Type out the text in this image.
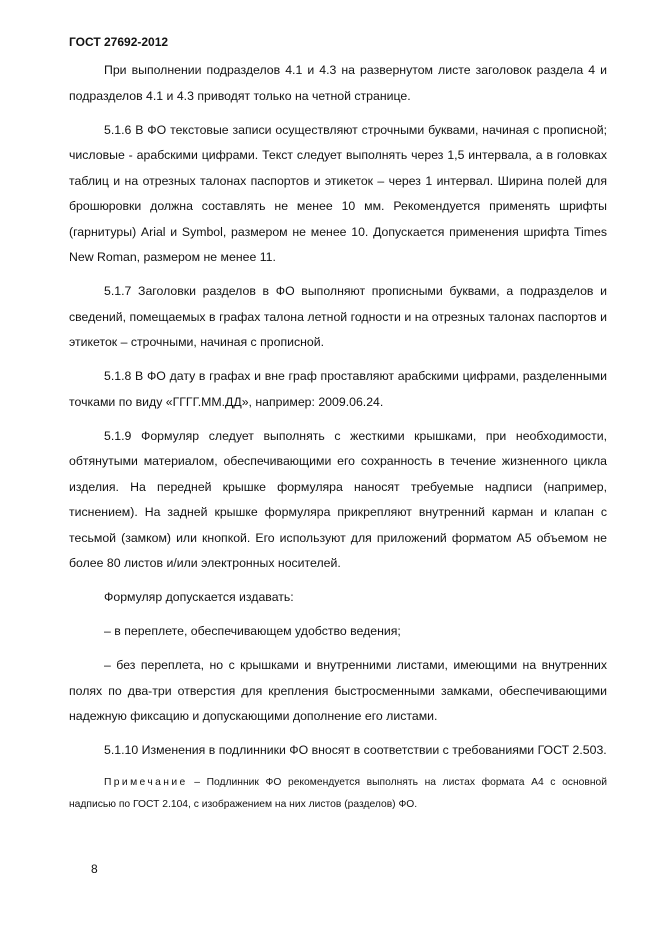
ГОСТ 27692-2012

При выполнении подразделов 4.1 и 4.3 на развернутом листе заголовок раздела 4 и подразделов 4.1 и 4.3 приводят только на четной странице.

5.1.6 В ФО текстовые записи осуществляют строчными буквами, начиная с прописной; числовые - арабскими цифрами. Текст следует выполнять через 1,5 интервала, а в головках таблиц и на отрезных талонах паспортов и этикеток – через 1 интервал. Ширина полей для брошюровки должна составлять не менее 10 мм. Рекомендуется применять шрифты (гарнитуры) Arial и Symbol, размером не менее 10. Допускается применения шрифта Times New Roman, размером не менее 11.

5.1.7 Заголовки разделов в ФО выполняют прописными буквами, а подразделов и сведений, помещаемых в графах талона летной годности и на отрезных талонах паспортов и этикеток – строчными, начиная с прописной.

5.1.8 В ФО дату в графах и вне граф проставляют арабскими цифрами, разделенными точками по виду «ГГГГ.ММ.ДД», например: 2009.06.24.

5.1.9 Формуляр следует выполнять с жесткими крышками, при необходимости, обтянутыми материалом, обеспечивающими его сохранность в течение жизненного цикла изделия. На передней крышке формуляра наносят требуемые надписи (например, тиснением). На задней крышке формуляра прикрепляют внутренний карман и клапан с тесьмой (замком) или кнопкой. Его используют для приложений форматом А5 объемом не более 80 листов и/или электронных носителей.

Формуляр допускается издавать:

– в переплете, обеспечивающем удобство ведения;

– без переплета, но с крышками и внутренними листами, имеющими на внутренних полях по два-три отверстия для крепления быстросменными замками, обеспечивающими надежную фиксацию и допускающими дополнение его листами.

5.1.10 Изменения в подлинники ФО вносят в соответствии с требованиями ГОСТ 2.503.

Примечание – Подлинник ФО рекомендуется выполнять на листах формата А4 с основной надписью по ГОСТ 2.104, с изображением на них листов (разделов) ФО.

8
